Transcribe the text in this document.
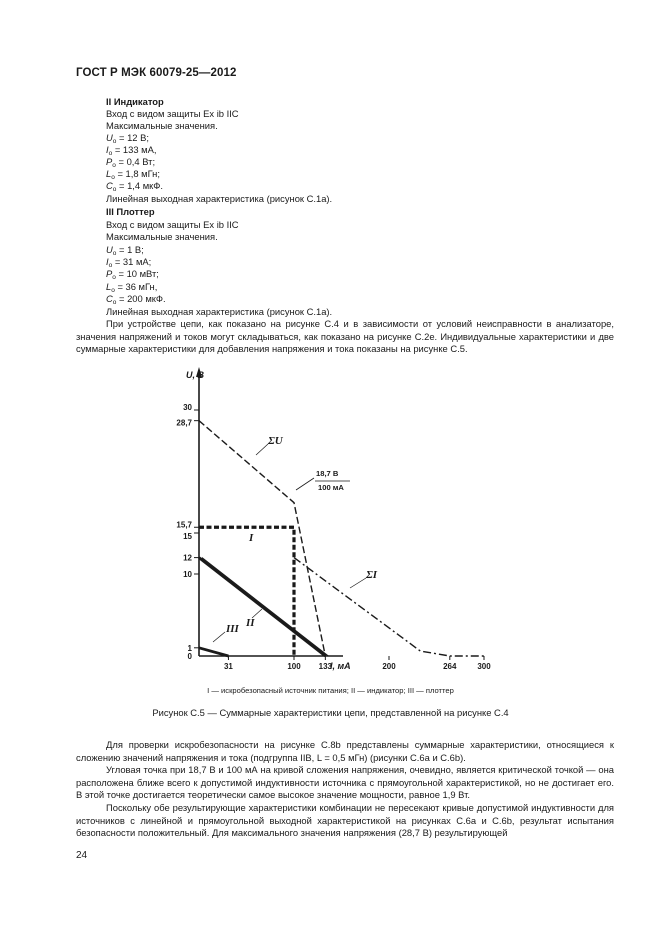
ГОСТ Р МЭК 60079-25—2012
II Индикатор
Вход с видом защиты Ex ib IIC
Максимальные значения.
$U_o = 12$ В;
$I_o = 133$ мА,
$P_o = 0,4$ Вт;
$L_o = 1,8$ мГн;
$C_o = 1,4$ мкФ.
Линейная выходная характеристика (рисунок С.1а).
III Плоттер
Вход с видом защиты Ex ib IIC
Максимальные значения.
$U_o = 1$ В;
$I_o = 31$ мА;
$P_o = 10$ мВт;
$L_o = 36$ мГн,
$C_o = 200$ мкФ.
Линейная выходная характеристика (рисунок С.1а).
При устройстве цепи, как показано на рисунке С.4 и в зависимости от условий неисправности в анализаторе, значения напряжений и токов могут складываться, как показано на рисунке С.2е. Индивидуальные характеристики и две суммарные характеристики для добавления напряжения и тока показаны на рисунке С.5.
U, В
I, мА
30
28,7
15,7
15
12
10
1
0
31	100 133	200	264	300
18,7 В
100 мА
ΣU
ΣI
I
II
III
I — искробезопасный источник питания; II — индикатор; III — плоттер
Рисунок С.5 — Суммарные характеристики цепи, представленной на рисунке С.4
Для проверки искробезопасности на рисунке С.8b представлены суммарные характеристики, относящиеся к сложению значений напряжения и тока (подгруппа IIB, L = 0,5 мГн) (рисунки С.6а и С.6b).
Угловая точка при 18,7 В и 100 мА на кривой сложения напряжения, очевидно, является критической точкой — она расположена ближе всего к допустимой индуктивности источника с прямоугольной характеристикой, но не достигает его. В этой точке достигается теоретически самое высокое значение мощности, равное 1,9 Вт.
Поскольку обе результирующие характеристики комбинации не пересекают кривые допустимой индуктивности для источников с линейной и прямоугольной выходной характеристикой на рисунках С.6а и С.6b, результат испытания безопасности положительный. Для максимального значения напряжения (28,7 В) результирующей
24
